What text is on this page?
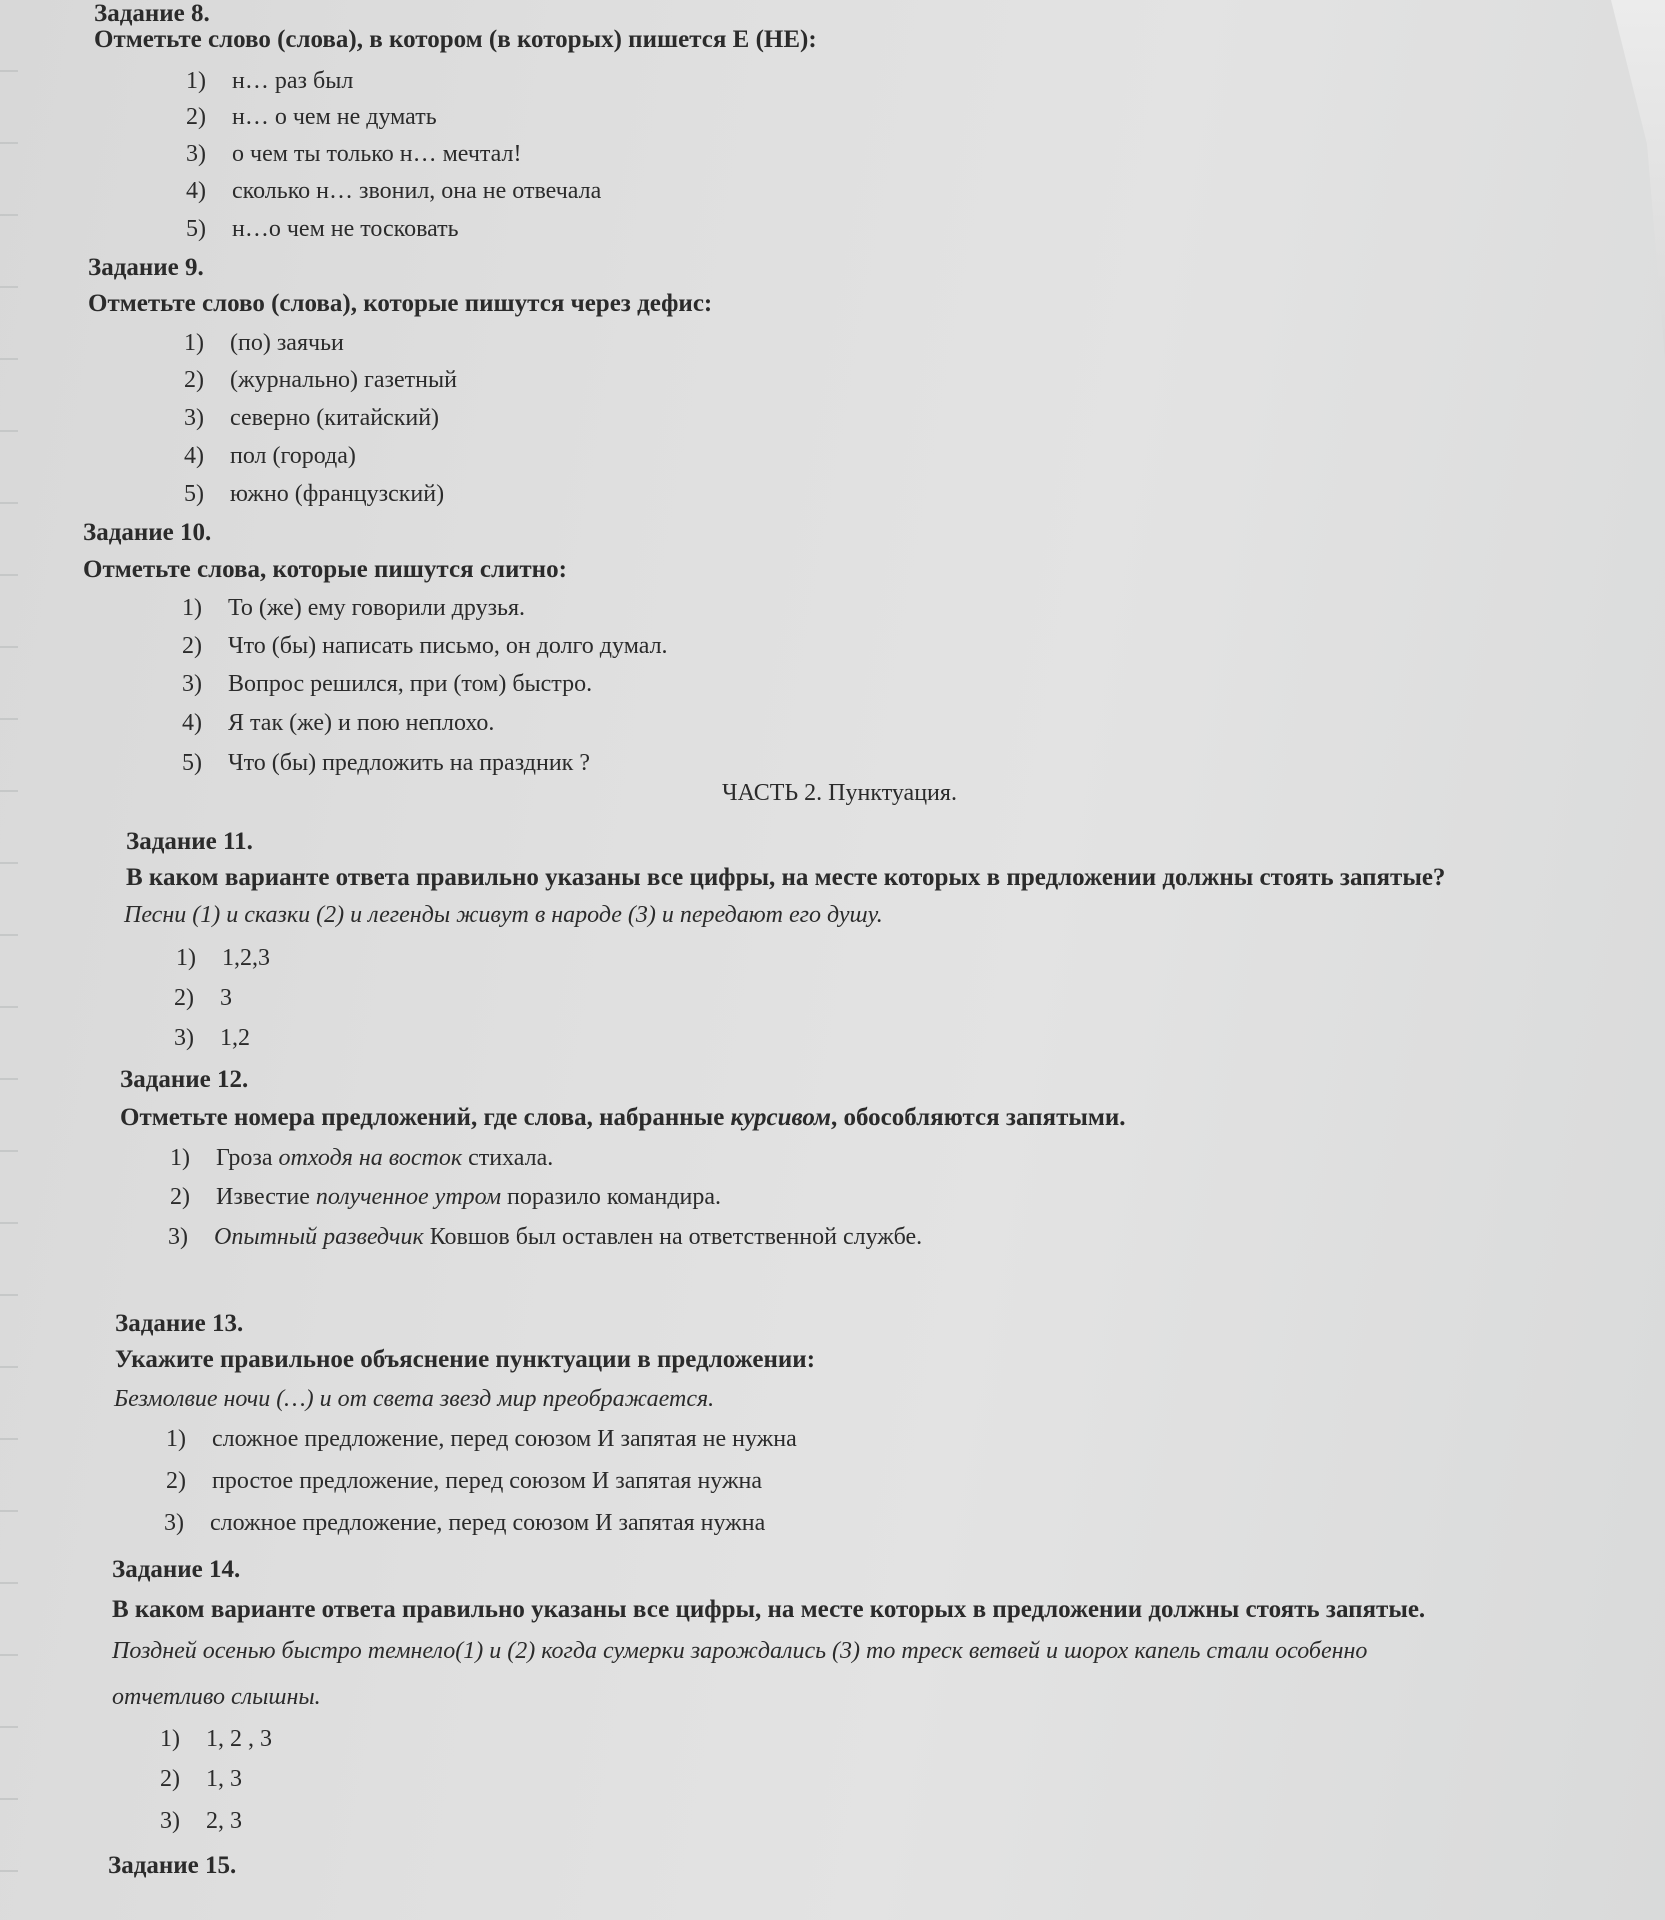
Задание 8.
Отметьте слово (слова), в котором (в которых) пишется Е (НЕ):
1) н… раз был
2) н… о чем не думать
3) о чем ты только н… мечтал!
4) сколько н… звонил, она не отвечала
5) н…о чем не тосковать
Задание 9.
Отметьте слово (слова), которые пишутся через дефис:
1) (по) заячьи
2) (журнально) газетный
3) северно (китайский)
4) пол (города)
5) южно (французский)
Задание 10.
Отметьте слова, которые пишутся слитно:
1) То (же) ему говорили друзья.
2) Что (бы) написать письмо, он долго думал.
3) Вопрос решился, при (том) быстро.
4) Я так (же) и пою неплохо.
5) Что (бы) предложить на праздник ?
ЧАСТЬ 2. Пунктуация.
Задание 11.
В каком варианте ответа правильно указаны все цифры, на месте которых в предложении должны стоять запятые?
Песни (1) и сказки (2) и легенды живут в народе (3) и передают его душу.
1) 1,2,3
2) 3
3) 1,2
Задание 12.
Отметьте номера предложений, где слова, набранные курсивом, обособляются запятыми.
1) Гроза отходя на восток стихала.
2) Известие полученное утром поразило командира.
3) Опытный разведчик Ковшов был оставлен на ответственной службе.
Задание 13.
Укажите правильное объяснение пунктуации в предложении:
Безмолвие ночи (…) и от света звезд мир преображается.
1) сложное предложение, перед союзом И запятая не нужна
2) простое предложение, перед союзом И запятая нужна
3) сложное предложение, перед союзом И запятая нужна
Задание 14.
В каком варианте ответа правильно указаны все цифры, на месте которых в предложении должны стоять запятые.
Поздней осенью быстро темнело(1) и (2) когда сумерки зарождались (3) то треск ветвей и шорох капель стали особенно
отчетливо слышны.
1) 1, 2 , 3
2) 1, 3
3) 2, 3
Задание 15.
